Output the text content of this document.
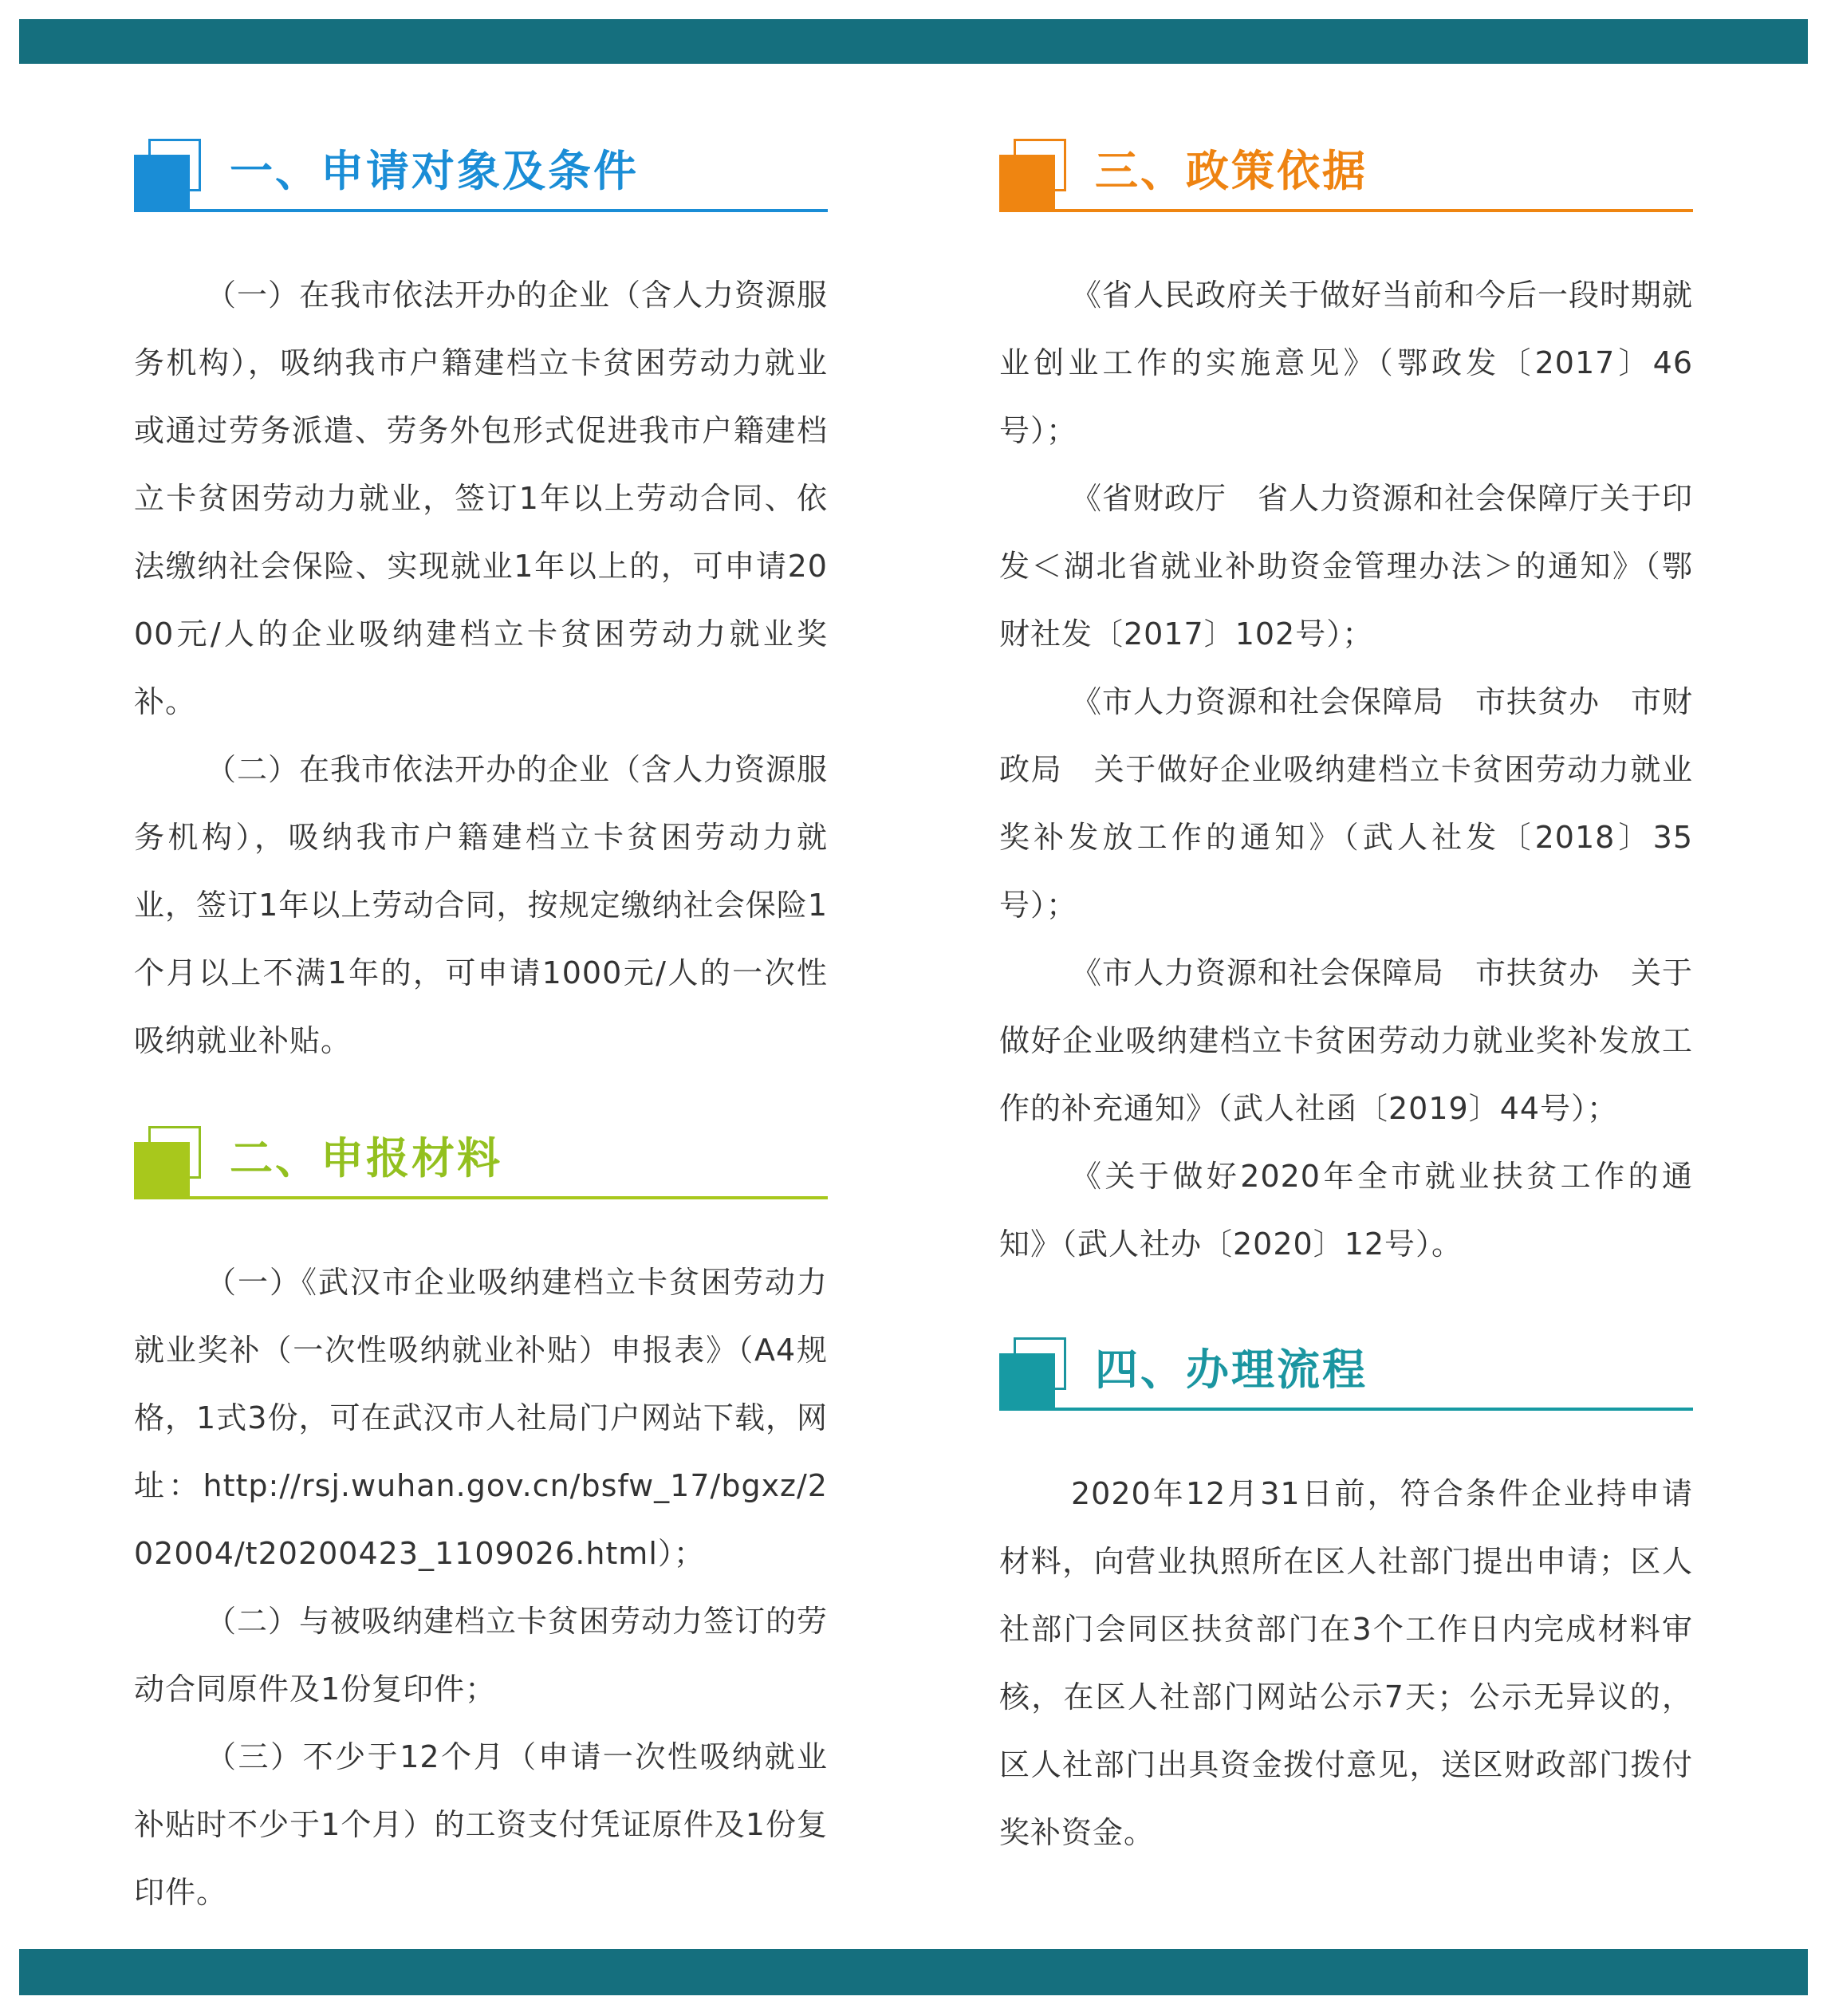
一、申请对象及条件

（一）在我市依法开办的企业（含人力资源服务机构），吸纳我市户籍建档立卡贫困劳动力就业或通过劳务派遣、劳务外包形式促进我市户籍建档立卡贫困劳动力就业，签订1年以上劳动合同、依法缴纳社会保险、实现就业1年以上的，可申请2000元/人的企业吸纳建档立卡贫困劳动力就业奖补。

（二）在我市依法开办的企业（含人力资源服务机构），吸纳我市户籍建档立卡贫困劳动力就业，签订1年以上劳动合同，按规定缴纳社会保险1个月以上不满1年的，可申请1000元/人的一次性吸纳就业补贴。

二、申报材料

（一）《武汉市企业吸纳建档立卡贫困劳动力就业奖补（一次性吸纳就业补贴）申报表》（A4规格，1式3份，可在武汉市人社局门户网站下载，网址：http://rsj.wuhan.gov.cn/bsfw_17/bgxz/202004/t20200423_1109026.html）；

（二）与被吸纳建档立卡贫困劳动力签订的劳动合同原件及1份复印件；

（三）不少于12个月（申请一次性吸纳就业补贴时不少于1个月）的工资支付凭证原件及1份复印件。

三、政策依据

《省人民政府关于做好当前和今后一段时期就业创业工作的实施意见》（鄂政发〔2017〕46号）；

《省财政厅　省人力资源和社会保障厅关于印发＜湖北省就业补助资金管理办法＞的通知》（鄂财社发〔2017〕102号）；

《市人力资源和社会保障局　市扶贫办　市财政局　关于做好企业吸纳建档立卡贫困劳动力就业奖补发放工作的通知》（武人社发〔2018〕35号）；

《市人力资源和社会保障局　市扶贫办　关于做好企业吸纳建档立卡贫困劳动力就业奖补发放工作的补充通知》（武人社函〔2019〕44号）；

《关于做好2020年全市就业扶贫工作的通知》（武人社办〔2020〕12号）。

四、办理流程

2020年12月31日前，符合条件企业持申请材料，向营业执照所在区人社部门提出申请；区人社部门会同区扶贫部门在3个工作日内完成材料审核，在区人社部门网站公示7天；公示无异议的，区人社部门出具资金拨付意见，送区财政部门拨付奖补资金。
